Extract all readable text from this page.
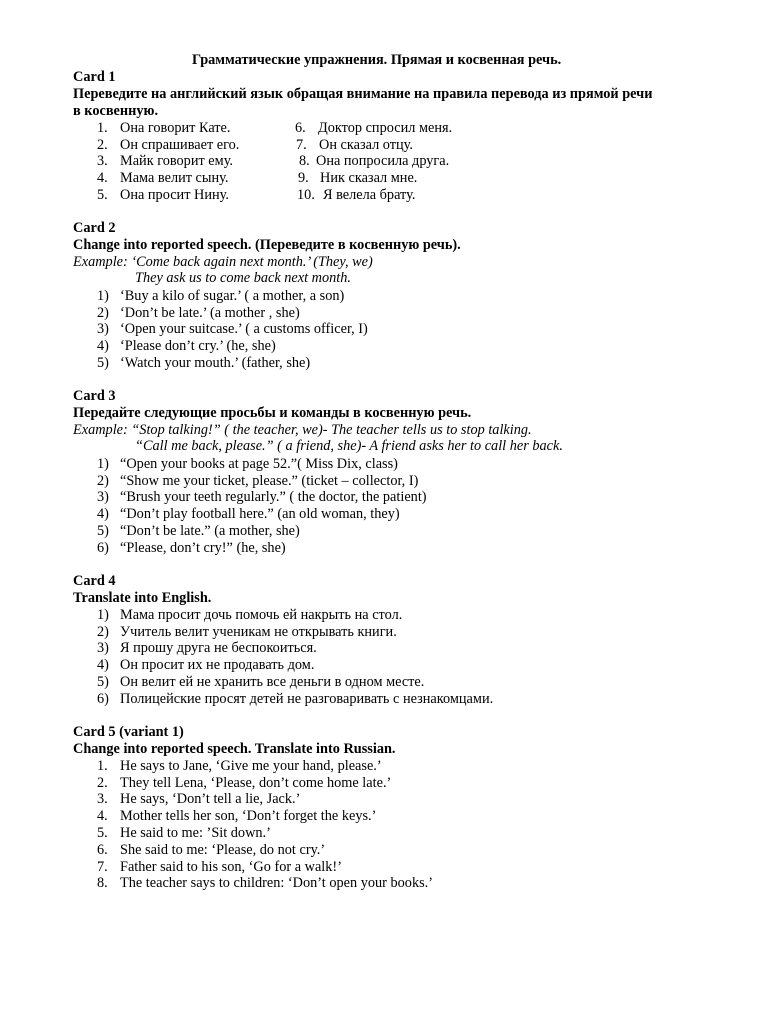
Грамматические упражнения. Прямая и косвенная речь.
Card 1
Переведите на английский язык обращая внимание на правила перевода из прямой речи
в косвенную.
1. Она говорит Кате.
2. Он спрашивает его.
3. Майк говорит ему.
4. Мама велит сыну.
5. Она просит Нину.
6. Доктор спросил меня.
7. Он сказал отцу.
8. Она попросила друга.
9. Ник сказал мне.
10. Я велела брату.
Card 2
Change into reported speech. (Переведите в косвенную речь).
Example: ‘Come back again next month.’ (They, we)
They ask us to come back next month.
1) ‘Buy a kilo of sugar.’ ( a mother, a son)
2) ‘Don’t be late.’ (a mother , she)
3) ‘Open your suitcase.’ ( a customs officer, I)
4) ‘Please don’t cry.’ (he, she)
5) ‘Watch your mouth.’ (father, she)
Card 3
Передайте следующие просьбы и команды в косвенную речь.
Example: “Stop talking!” ( the teacher, we)- The teacher tells us to stop talking.
“Call me back, please.” ( a friend, she)- A friend asks her to call her back.
1) “Open your books at page 52.”( Miss Dix, class)
2) “Show me your ticket, please.” (ticket – collector, I)
3) “Brush your teeth regularly.” ( the doctor, the patient)
4) “Don’t play football here.” (an old woman, they)
5) “Don’t be late.” (a mother, she)
6) “Please, don’t cry!” (he, she)
Card 4
Translate into English.
1) Мама просит дочь помочь ей накрыть на стол.
2) Учитель велит ученикам не открывать книги.
3) Я прошу друга не беспокоиться.
4) Он просит их не продавать дом.
5) Он велит ей не хранить все деньги в одном месте.
6) Полицейские просят детей не разговаривать с незнакомцами.
Card 5 (variant 1)
Change into reported speech. Translate into Russian.
1. He says to Jane, ‘Give me your hand, please.’
2. They tell Lena, ‘Please, don’t come home late.’
3. He says, ‘Don’t tell a lie, Jack.’
4. Mother tells her son, ‘Don’t forget the keys.’
5. He said to me: ’Sit down.’
6. She said to me: ‘Please, do not cry.’
7. Father said to his son, ‘Go for a walk!’
8. The teacher says to children: ‘Don’t open your books.’
